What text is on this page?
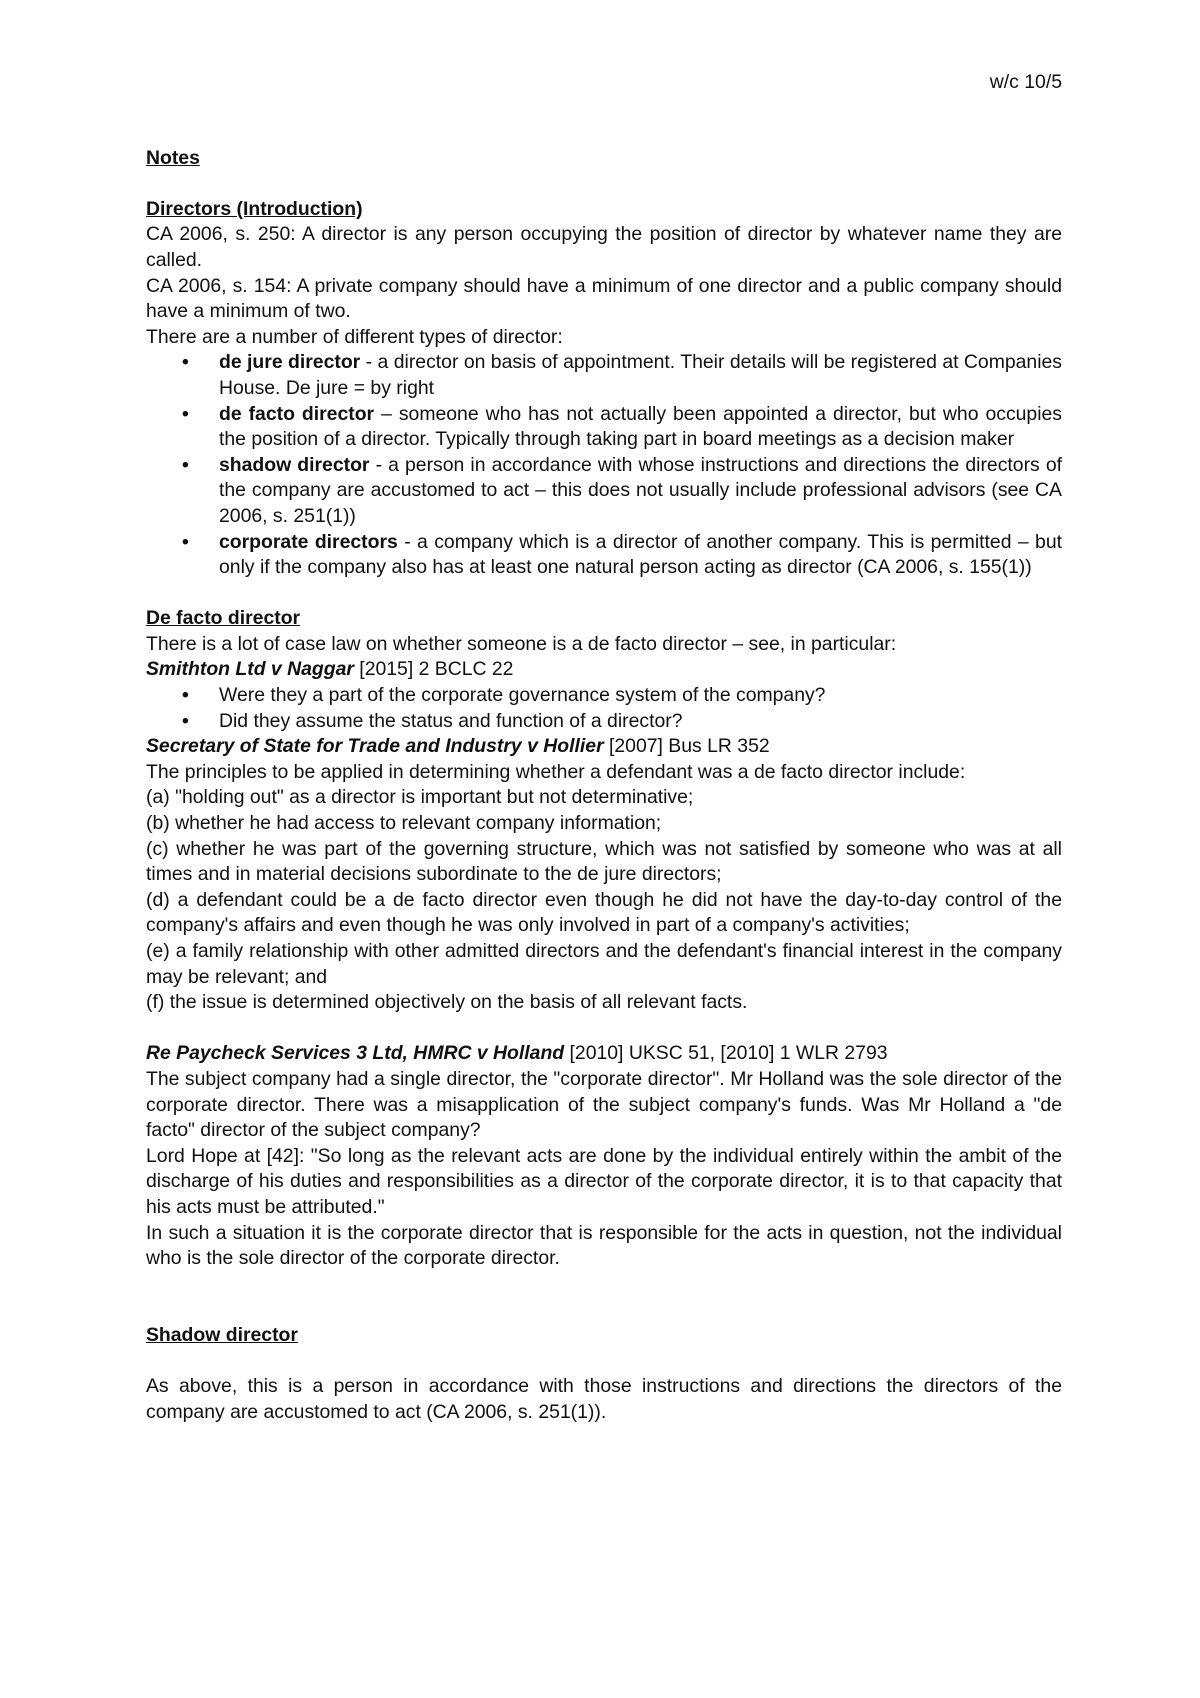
w/c 10/5

Notes

Directors (Introduction)

CA 2006, s. 250: A director is any person occupying the position of director by whatever name they are called.

CA 2006, s. 154: A private company should have a minimum of one director and a public company should have a minimum of two.

There are a number of different types of director:

• de jure director - a director on basis of appointment. Their details will be registered at Companies House. De jure = by right
• de facto director – someone who has not actually been appointed a director, but who occupies the position of a director. Typically through taking part in board meetings as a decision maker
• shadow director - a person in accordance with whose instructions and directions the directors of the company are accustomed to act – this does not usually include professional advisors (see CA 2006, s. 251(1))
• corporate directors - a company which is a director of another company. This is permitted – but only if the company also has at least one natural person acting as director (CA 2006, s. 155(1))

De facto director

There is a lot of case law on whether someone is a de facto director – see, in particular:

Smithton Ltd v Naggar [2015] 2 BCLC 22

• Were they a part of the corporate governance system of the company?
• Did they assume the status and function of a director?

Secretary of State for Trade and Industry v Hollier [2007] Bus LR 352

The principles to be applied in determining whether a defendant was a de facto director include:

(a) "holding out" as a director is important but not determinative;

(b) whether he had access to relevant company information;

(c) whether he was part of the governing structure, which was not satisfied by someone who was at all times and in material decisions subordinate to the de jure directors;

(d) a defendant could be a de facto director even though he did not have the day-to-day control of the company's affairs and even though he was only involved in part of a company's activities;

(e) a family relationship with other admitted directors and the defendant's financial interest in the company may be relevant; and

(f) the issue is determined objectively on the basis of all relevant facts.

Re Paycheck Services 3 Ltd, HMRC v Holland [2010] UKSC 51, [2010] 1 WLR 2793

The subject company had a single director, the "corporate director". Mr Holland was the sole director of the corporate director. There was a misapplication of the subject company's funds. Was Mr Holland a "de facto" director of the subject company?

Lord Hope at [42]: "So long as the relevant acts are done by the individual entirely within the ambit of the discharge of his duties and responsibilities as a director of the corporate director, it is to that capacity that his acts must be attributed."

In such a situation it is the corporate director that is responsible for the acts in question, not the individual who is the sole director of the corporate director.

Shadow director

As above, this is a person in accordance with those instructions and directions the directors of the company are accustomed to act (CA 2006, s. 251(1)).
